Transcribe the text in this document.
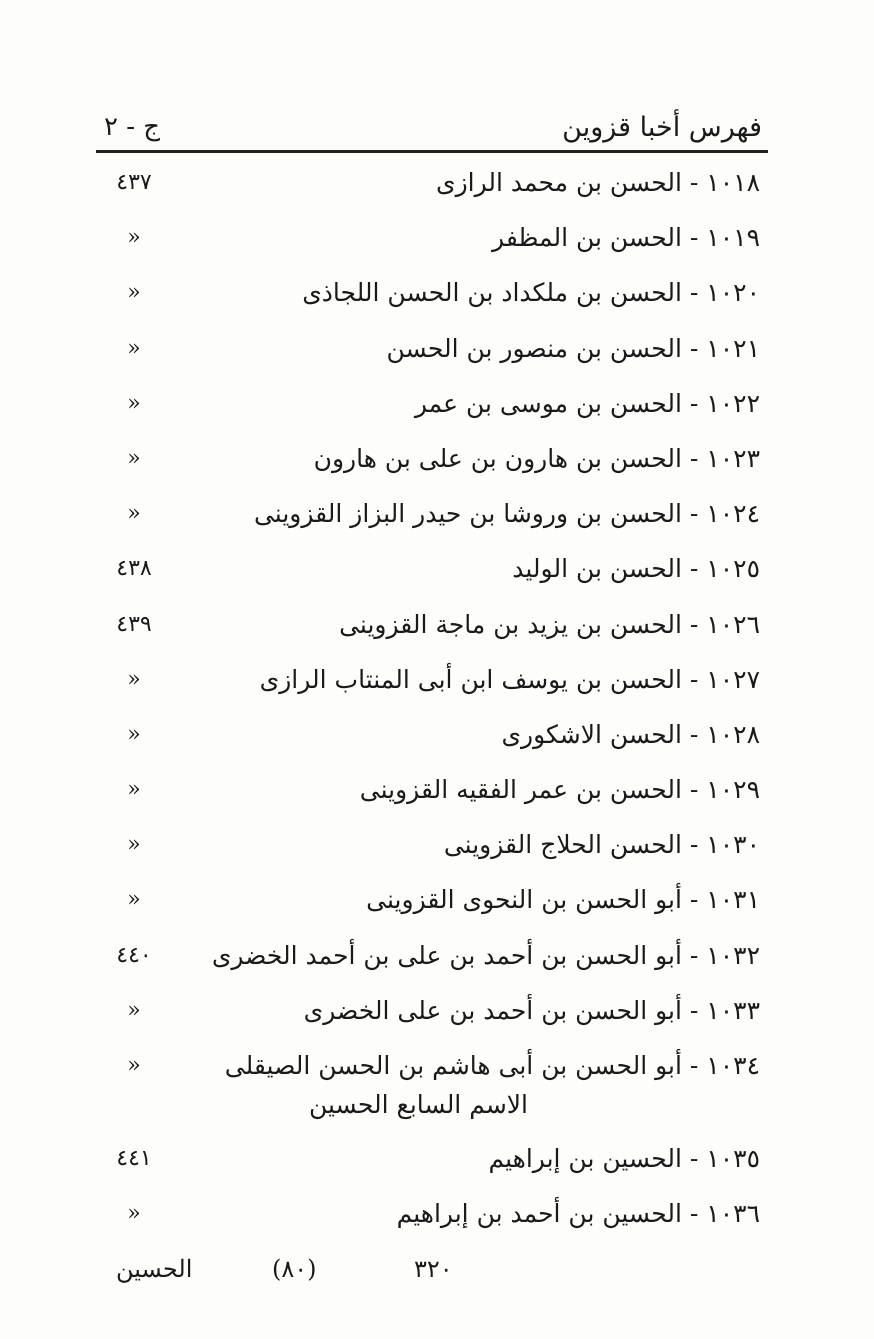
فهرس أخبا قزوين
ج - ٢
١٠١٨ - الحسن بن محمد الرازى
٤٣٧
١٠١٩ - الحسن بن المظفر
»
١٠٢٠ - الحسن بن ملكداد بن الحسن اللجاذى
»
١٠٢١ - الحسن بن منصور بن الحسن
»
١٠٢٢ - الحسن بن موسى بن عمر
»
١٠٢٣ - الحسن بن هارون بن على بن هارون
»
١٠٢٤ - الحسن بن وروشا بن حيدر البزاز القزوينى
»
١٠٢٥ - الحسن بن الوليد
٤٣٨
١٠٢٦ - الحسن بن يزيد بن ماجة القزوينى
٤٣٩
١٠٢٧ - الحسن بن يوسف ابن أبى المنتاب الرازى
»
١٠٢٨ - الحسن الاشكورى
»
١٠٢٩ - الحسن بن عمر الفقيه القزوينى
»
١٠٣٠ - الحسن الحلاج القزوينى
»
١٠٣١ - أبو الحسن بن النحوى القزوينى
»
١٠٣٢ - أبو الحسن بن أحمد بن على بن أحمد الخضرى
٤٤٠
١٠٣٣ - أبو الحسن بن أحمد بن على الخضرى
»
١٠٣٤ - أبو الحسن بن أبى هاشم بن الحسن الصيقلى
»
الاسم السابع الحسين
١٠٣٥ - الحسين بن إبراهيم
٤٤١
١٠٣٦ - الحسين بن أحمد بن إبراهيم
»
الحسين	(٨٠)	٣٢٠
